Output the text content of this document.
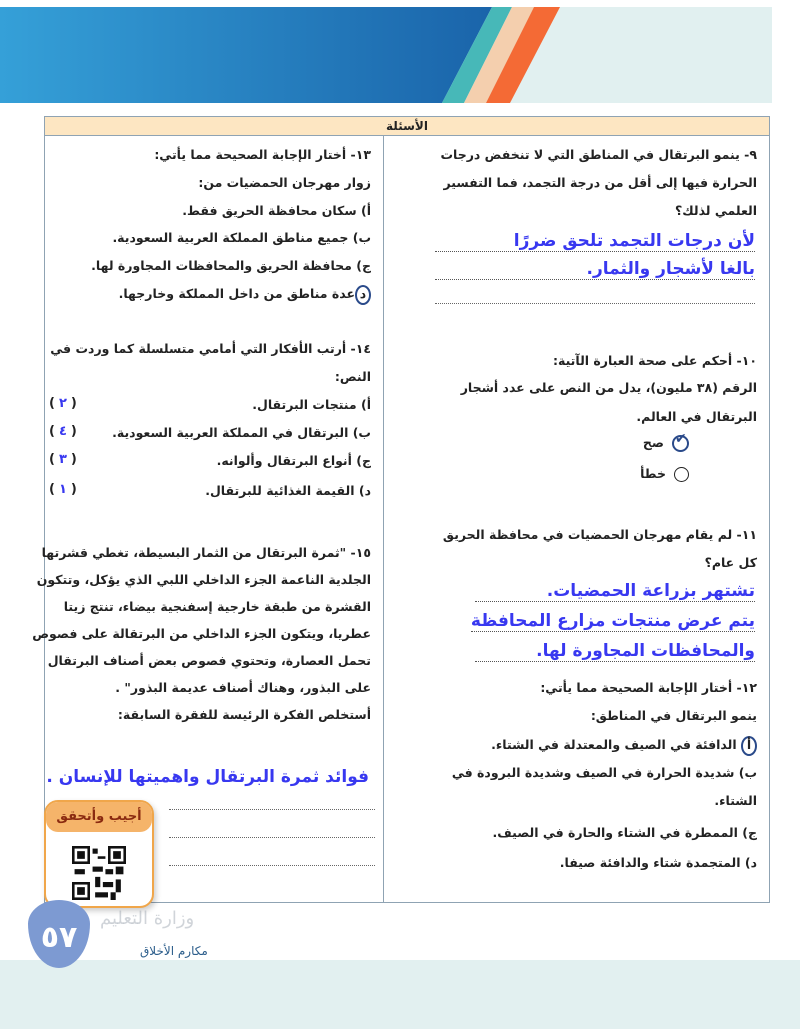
الأسئلة
٩- ينمو البرتقال في المناطق التي لا تنخفض درجات
الحرارة فيها إلى أقل من درجة التجمد، فما التفسير
العلمي لذلك؟
لأن درجات التجمد تلحق ضررًا
بالغا لأشجار والثمار.
١٠- أحكم على صحة العبارة الآتية:
الرقم (٣٨ مليون)، يدل من النص على عدد أشجار
البرتقال في العالم.
✔
صح
خطأ
١١- لم يقام مهرجان الحمضيات في محافظة الحريق
كل عام؟
تشتهر بزراعة الحمضيات.
يتم عرض منتجات مزارع المحافظة
والمحافظات المجاورة لها.
١٢- أختار الإجابة الصحيحة مما يأتي:
ينمو البرتقال في المناطق:
أ الدافئة في الصيف والمعتدلة في الشتاء.
ب) شديدة الحرارة في الصيف وشديدة البرودة في
الشتاء.
ج) الممطرة في الشتاء والحارة في الصيف.
د) المتجمدة شتاء والدافئة صيفا.
١٣- أختار الإجابة الصحيحة مما يأتي:
زوار مهرجان الحمضيات من:
أ) سكان محافظة الحريق فقط.
ب) جميع مناطق المملكة العربية السعودية.
ج) محافظة الحريق والمحافظات المجاورة لها.
دعدة مناطق من داخل المملكة وخارجها.
١٤- أرتب الأفكار التي أمامي متسلسلة كما وردت في
النص:
أ) منتجات البرتقال.
( ٢ )
ب) البرتقال في المملكة العربية السعودية.
( ٤ )
ج) أنواع البرتقال وألوانه.
( ٣ )
د) القيمة الغذائية للبرتقال.
( ١ )
١٥- "ثمرة البرتقال من الثمار البسيطة، تغطي قشرتها
الجلدية الناعمة الجزء الداخلي اللبي الذي يؤكل، وتتكون
القشرة من طبقة خارجية إسفنجية بيضاء، تنتج زيتا
عطريا، ويتكون الجزء الداخلي من البرتقالة على فصوص
تحمل العصارة، وتحتوي فصوص بعض أصناف البرتقال
على البذور، وهناك أصناف عديمة البذور" .
أستخلص الفكرة الرئيسة للفقرة السابقة:
فوائد ثمرة البرتقال واهميتها للإنسان .
أجيب وأتحقق
وزارة التعليم
٥٧	مكارم الأخلاق
